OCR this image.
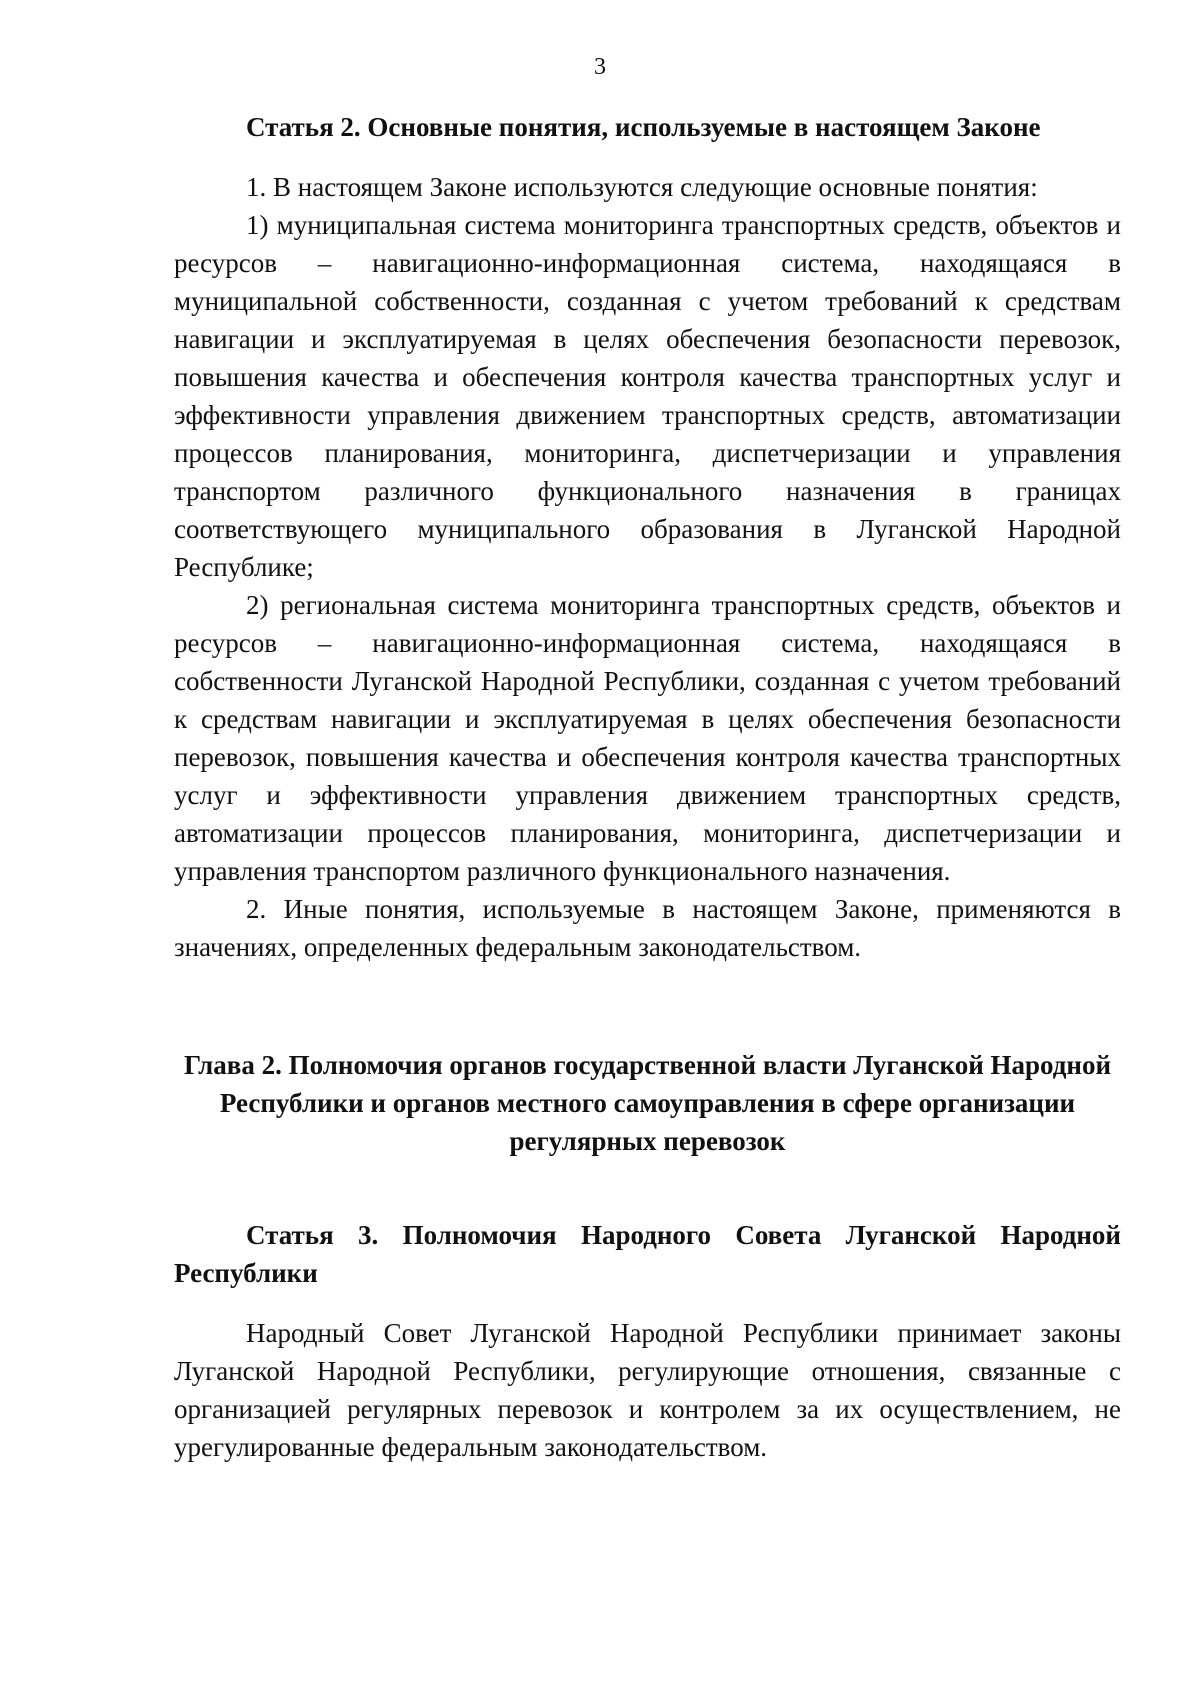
3
Статья 2. Основные понятия, используемые в настоящем Законе

1. В настоящем Законе используются следующие основные понятия:

1) муниципальная система мониторинга транспортных средств, объектов и ресурсов – навигационно-информационная система, находящаяся в муниципальной собственности, созданная с учетом требований к средствам навигации и эксплуатируемая в целях обеспечения безопасности перевозок, повышения качества и обеспечения контроля качества транспортных услуг и эффективности управления движением транспортных средств, автоматизации процессов планирования, мониторинга, диспетчеризации и управления транспортом различного функционального назначения в границах соответствующего муниципального образования в Луганской Народной Республике;

2) региональная система мониторинга транспортных средств, объектов и ресурсов – навигационно-информационная система, находящаяся в собственности Луганской Народной Республики, созданная с учетом требований к средствам навигации и эксплуатируемая в целях обеспечения безопасности перевозок, повышения качества и обеспечения контроля качества транспортных услуг и эффективности управления движением транспортных средств, автоматизации процессов планирования, мониторинга, диспетчеризации и управления транспортом различного функционального назначения.

2. Иные понятия, используемые в настоящем Законе, применяются в значениях, определенных федеральным законодательством.

Глава 2. Полномочия органов государственной власти Луганской Народной Республики и органов местного самоуправления в сфере организации регулярных перевозок
Статья 3. Полномочия Народного Совета Луганской Народной Республики

Народный Совет Луганской Народной Республики принимает законы Луганской Народной Республики, регулирующие отношения, связанные с организацией регулярных перевозок и контролем за их осуществлением, не урегулированные федеральным законодательством.
